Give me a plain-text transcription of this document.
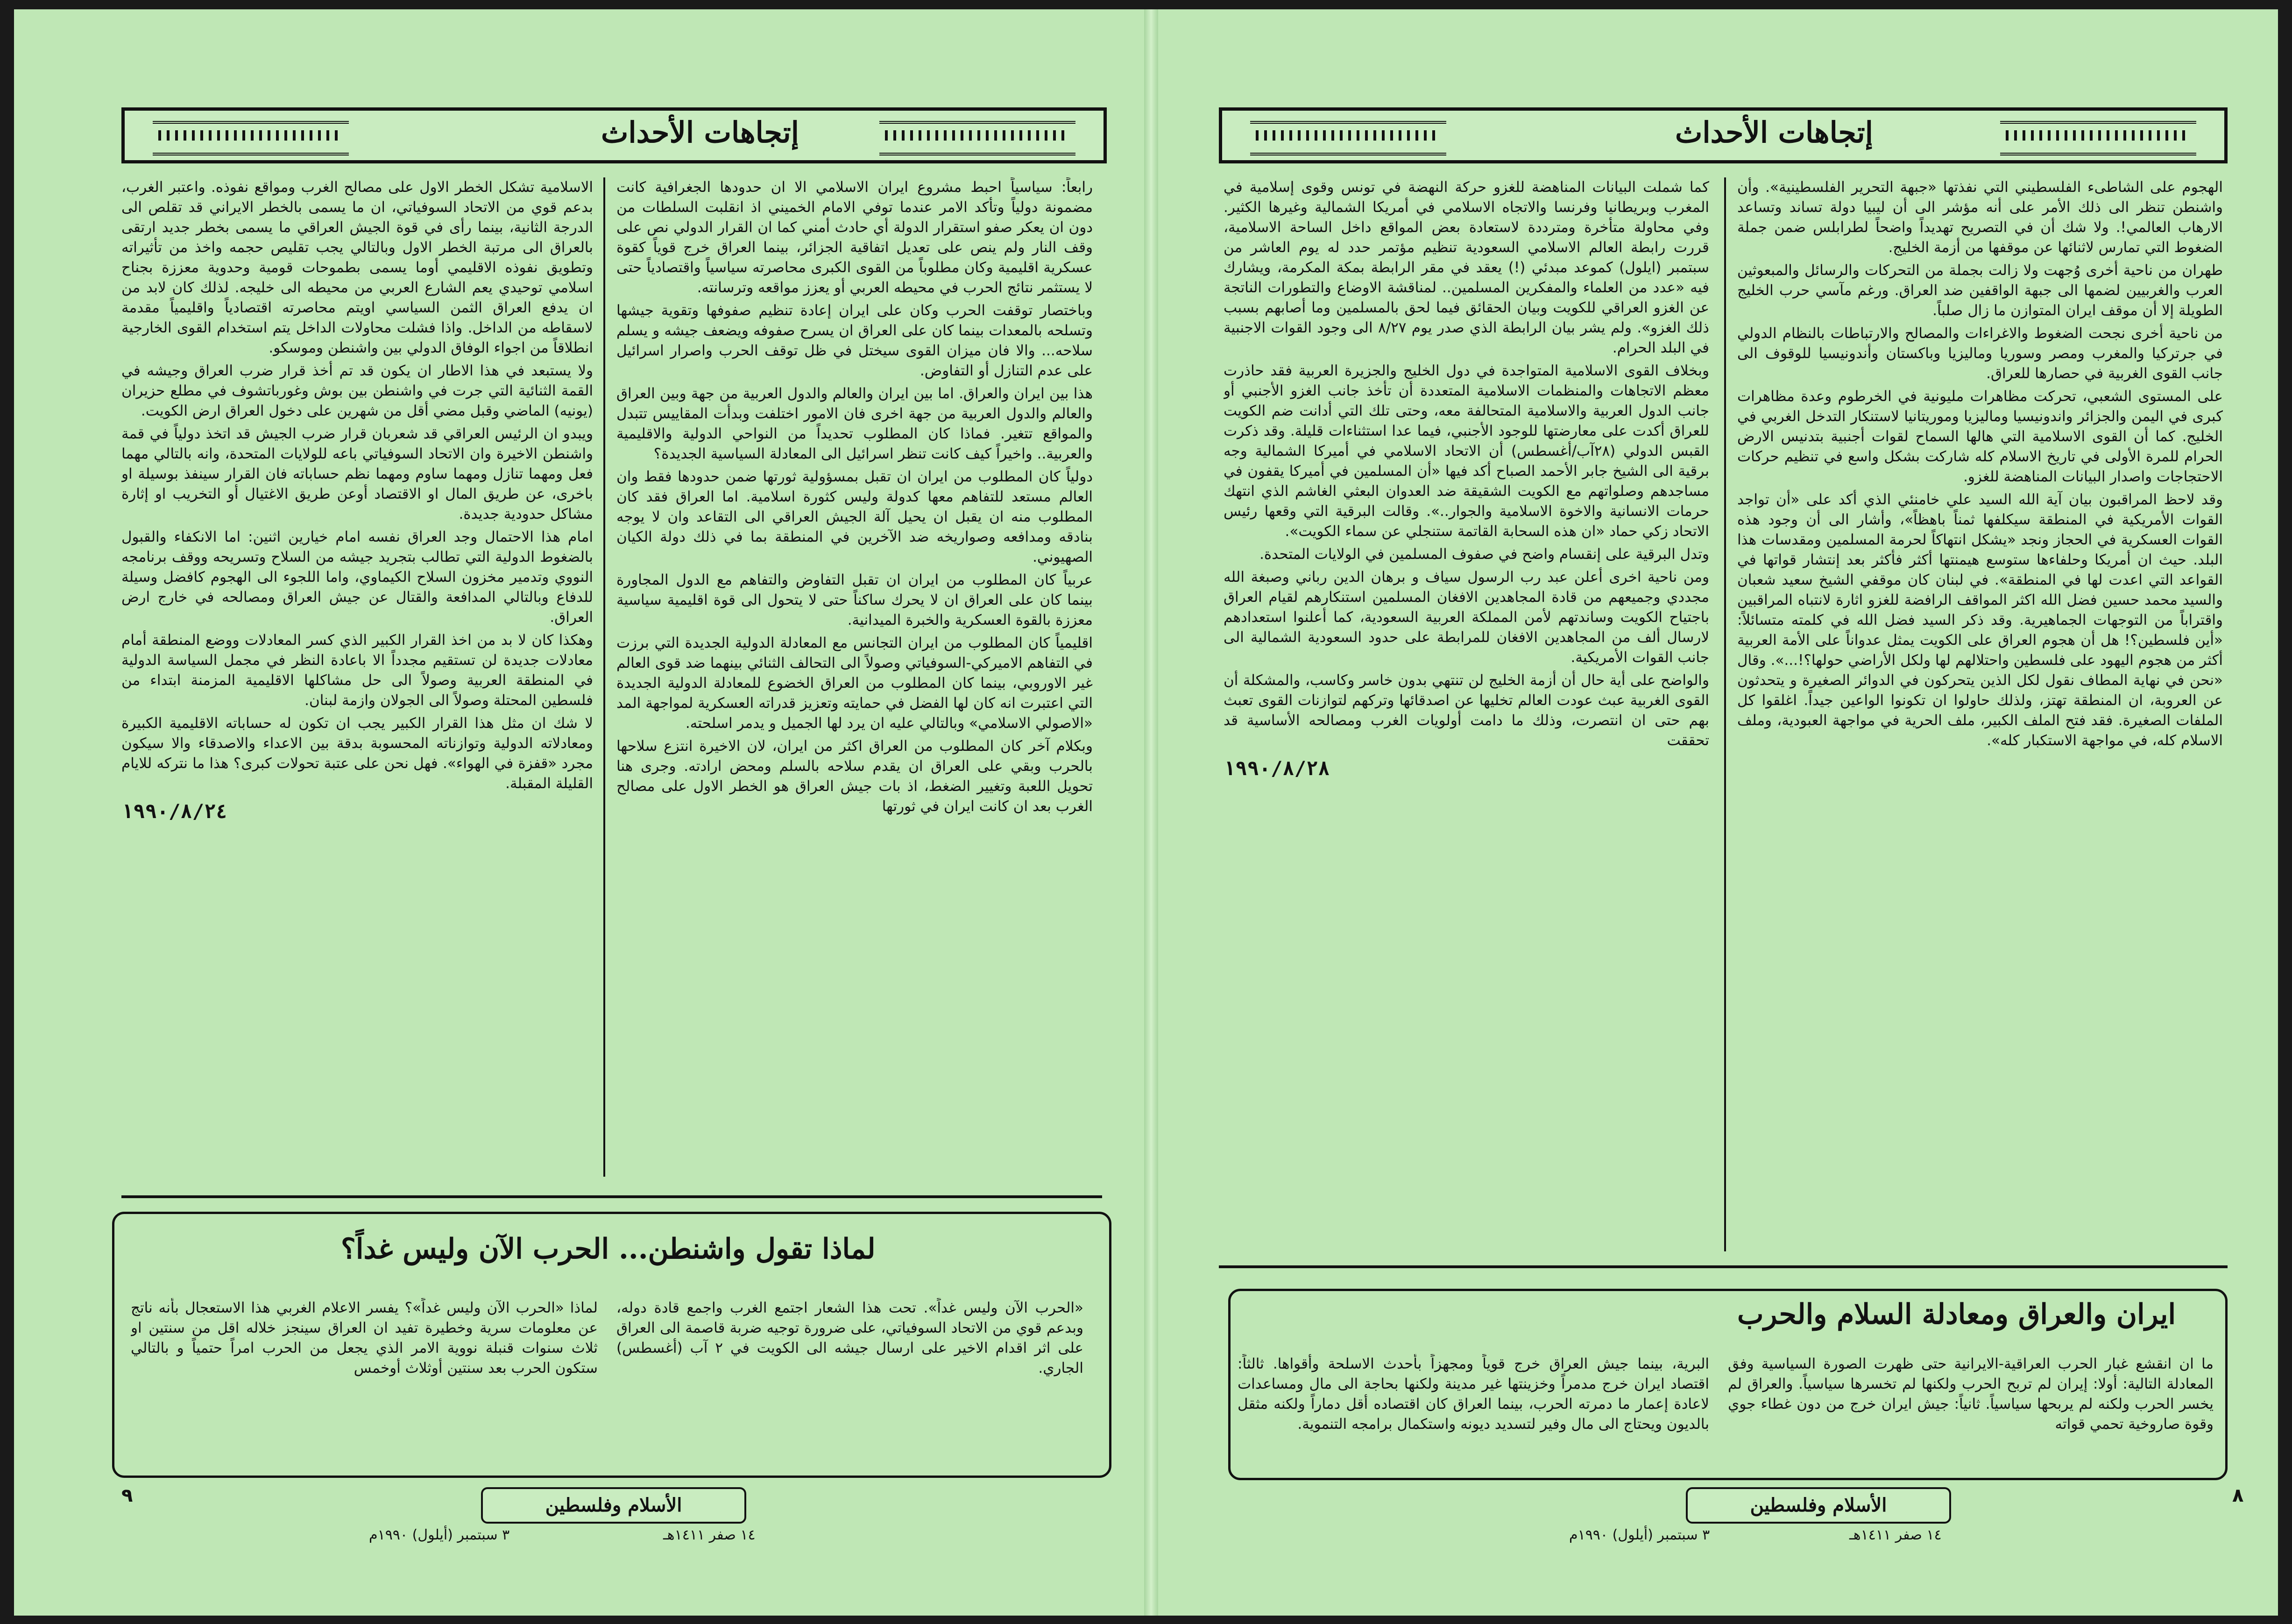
إتجاهات الأحداث

رابعاً: سياسياً احبط مشروع ايران الاسلامي الا ان حدودها الجغرافية كانت مضمونة دولياً وتأكد الامر عندما توفي الامام الخميني اذ انقلبت السلطات من دون ان يعكر صفو استقرار الدولة أي حادث أمني كما ان القرار الدولي نص على وقف النار ولم ينص على تعديل اتفاقية الجزائر، بينما العراق خرج قوياً كقوة عسكرية اقليمية وكان مطلوباً من القوى الكبرى محاصرته سياسياً واقتصادياً حتى لا يستثمر نتائج الحرب في محيطه العربي أو يعزز مواقعه وترسانته.

وباختصار توقفت الحرب وكان على ايران إعادة تنظيم صفوفها وتقوية جيشها وتسلحه بالمعدات بينما كان على العراق ان يسرح صفوفه ويضعف جيشه و يسلم سلاحه... والا فان ميزان القوى سيختل في ظل توقف الحرب واصرار اسرائيل على عدم التنازل أو التفاوض.

هذا بين ايران والعراق. اما بين ايران والعالم والدول العربية من جهة وبين العراق والعالم والدول العربية من جهة اخرى فان الامور اختلفت وبدأت المقاييس تتبدل والمواقع تتغير. فماذا كان المطلوب تحديداً من النواحي الدولية والاقليمية والعربية.. واخيراً كيف كانت تنظر اسرائيل الى المعادلة السياسية الجديدة؟

دولياً كان المطلوب من ايران ان تقبل بمسؤولية ثورتها ضمن حدودها فقط وان العالم مستعد للتفاهم معها كدولة وليس كثورة اسلامية. اما العراق فقد كان المطلوب منه ان يقبل ان يحيل آلة الجيش العراقي الى التقاعد وان لا يوجه بنادقه ومدافعه وصواريخه ضد الآخرين في المنطقة بما في ذلك دولة الكيان الصهيوني.

عربياً كان المطلوب من ايران ان تقبل التفاوض والتفاهم مع الدول المجاورة بينما كان على العراق ان لا يحرك ساكناً حتى لا يتحول الى قوة اقليمية سياسية معززة بالقوة العسكرية والخبرة الميدانية.

اقليمياً كان المطلوب من ايران التجانس مع المعادلة الدولية الجديدة التي برزت في التفاهم الاميركي-السوفياتي وصولاً الى التحالف الثنائي بينهما ضد قوى العالم غير الاوروبي، بينما كان المطلوب من العراق الخضوع للمعادلة الدولية الجديدة التي اعتبرت انه كان لها الفضل في حمايته وتعزيز قدراته العسكرية لمواجهة المد «الاصولي الاسلامي» وبالتالي عليه ان يرد لها الجميل و يدمر اسلحته.

وبكلام آخر كان المطلوب من العراق اكثر من ايران، لان الاخيرة انتزع سلاحها بالحرب وبقي على العراق ان يقدم سلاحه بالسلم ومحض ارادته. وجرى هنا تحويل اللعبة وتغيير الضغط، اذ بات جيش العراق هو الخطر الاول على مصالح الغرب بعد ان كانت ايران في ثورتها

الاسلامية تشكل الخطر الاول على مصالح الغرب ومواقع نفوذه. واعتبر الغرب، بدعم قوي من الاتحاد السوفياتي، ان ما يسمى بالخطر الايراني قد تقلص الى الدرجة الثانية، بينما رأى في قوة الجيش العراقي ما يسمى بخطر جديد ارتقى بالعراق الى مرتبة الخطر الاول وبالتالي يجب تقليص حجمه واخذ من تأثيراته وتطويق نفوذه الاقليمي أوما يسمى بطموحات قومية وحدوية معززة بجناح اسلامي توحيدي يعم الشارع العربي من محيطه الى خليجه. لذلك كان لابد من ان يدفع العراق الثمن السياسي اويتم محاصرته اقتصادياً واقليمياً مقدمة لاسقاطه من الداخل. واذا فشلت محاولات الداخل يتم استخدام القوى الخارجية انطلاقاً من اجواء الوفاق الدولي بين واشنطن وموسكو.

ولا يستبعد في هذا الاطار ان يكون قد تم أخذ قرار ضرب العراق وجيشه في القمة الثنائية التي جرت في واشنطن بين بوش وغورباتشوف في مطلع حزيران (يونيه) الماضي وقبل مضي أقل من شهرين على دخول العراق ارض الكويت.

ويبدو ان الرئيس العراقي قد شعربان قرار ضرب الجيش قد اتخذ دولياً في قمة واشنطن الاخيرة وان الاتحاد السوفياتي باعه للولايات المتحدة، وانه بالتالي مهما فعل ومهما تنازل ومهما ساوم ومهما نظم حساباته فان القرار سينفذ بوسيلة او باخرى، عن طريق المال او الاقتصاد أوعن طريق الاغتيال أو التخريب او إثارة مشاكل حدودية جديدة.

امام هذا الاحتمال وجد العراق نفسه امام خيارين اثنين: اما الانكفاء والقبول بالضغوط الدولية التي تطالب بتجريد جيشه من السلاح وتسريحه ووقف برنامجه النووي وتدمير مخزون السلاح الكيماوي، واما اللجوء الى الهجوم كافضل وسيلة للدفاع وبالتالي المدافعة والقتال عن جيش العراق ومصالحه في خارج ارض العراق.

وهكذا كان لا بد من اخذ القرار الكبير الذي كسر المعادلات ووضع المنطقة أمام معادلات جديدة لن تستقيم مجدداً الا باعادة النظر في مجمل السياسة الدولية في المنطقة العربية وصولاً الى حل مشاكلها الاقليمية المزمنة ابتداء من فلسطين المحتلة وصولاً الى الجولان وازمة لبنان.

لا شك ان مثل هذا القرار الكبير يجب ان تكون له حساباته الاقليمية الكبيرة ومعادلاته الدولية وتوازناته المحسوبة بدقة بين الاعداء والاصدقاء والا سيكون مجرد «قفزة في الهواء». فهل نحن على عتبة تحولات كبرى؟ هذا ما نتركه للايام القليلة المقبلة.

١٩٩٠/٨/٢٤
لماذا تقول واشنطن... الحرب الآن وليس غداً؟

«الحرب الآن وليس غداً». تحت هذا الشعار اجتمع الغرب واجمع قادة دوله، وبدعم قوي من الاتحاد السوفياتي، على ضرورة توجيه ضربة قاصمة الى العراق على اثر اقدام الاخير على ارسال جيشه الى الكويت في ٢ آب (أغسطس) الجاري.

لماذا «الحرب الآن وليس غداً»؟ يفسر الاعلام الغربي هذا الاستعجال بأنه ناتج عن معلومات سرية وخطيرة تفيد ان العراق سينجز خلاله اقل من سنتين او ثلاث سنوات قنبلة نووية الامر الذي يجعل من الحرب امراً حتمياً و بالتالي ستكون الحرب بعد سنتين أوثلاث أوخمس

٩	الأسلام وفلسطين
١٤ صفر ١٤١١هـ
٣ سبتمبر (أيلول) ١٩٩٠م
إتجاهات الأحداث

الهجوم على الشاطىء الفلسطيني التي نفذتها «جبهة التحرير الفلسطينية». وأن واشنطن تنظر الى ذلك الأمر على أنه مؤشر الى أن ليبيا دولة تساند وتساعد الارهاب العالمي!. ولا شك أن في التصريح تهديداً واضحاً لطرابلس ضمن جملة الضغوط التي تمارس لاثنائها عن موقفها من أزمة الخليج.

طهران من ناحية أخرى وُجهت ولا زالت بجملة من التحركات والرسائل والمبعوثين العرب والغربيين لضمها الى جبهة الواقفين ضد العراق. ورغم مآسي حرب الخليج الطويلة إلا أن موقف ايران المتوازن ما زال صلباً.

من ناحية أخرى نجحت الضغوط والاغراءات والمصالح والارتباطات بالنظام الدولي في جرتركيا والمغرب ومصر وسوريا وماليزيا وباكستان وأندونيسيا للوقوف الى جانب القوى الغربية في حصارها للعراق.

على المستوى الشعبي، تحركت مظاهرات مليونية في الخرطوم وعدة مظاهرات كبرى في اليمن والجزائر واندونيسيا وماليزيا وموريتانيا لاستنكار التدخل الغربي في الخليج. كما أن القوى الاسلامية التي هالها السماح لقوات أجنبية بتدنيس الارض الحرام للمرة الأولى في تاريخ الاسلام كله شاركت بشكل واسع في تنظيم حركات الاحتجاجات واصدار البيانات المناهضة للغزو.

وقد لاحظ المراقبون بيان آية الله السيد علي خامنئي الذي أكد على «أن تواجد القوات الأمريكية في المنطقة سيكلفها ثمناً باهظاً»، وأشار الى أن وجود هذه القوات العسكرية في الحجاز ونجد «يشكل انتهاكاً لحرمة المسلمين ومقدسات هذا البلد. حيث ان أمريكا وحلفاءها ستوسع هيمنتها أكثر فأكثر بعد إنتشار قواتها في القواعد التي اعدت لها في المنطقة». في لبنان كان موقفي الشيخ سعيد شعبان والسيد محمد حسين فضل الله اكثر المواقف الرافضة للغزو اثارة لانتباه المراقبين واقتراباً من التوجهات الجماهيرية. وقد ذكر السيد فضل الله في كلمته متسائلاً: «أين فلسطين؟! هل أن هجوم العراق على الكويت يمثل عدواناً على الأمة العربية أكثر من هجوم اليهود على فلسطين واحتلالهم لها ولكل الأراضي حولها؟!...». وقال «نحن في نهاية المطاف نقول لكل الذين يتحركون في الدوائر الصغيرة و يتحدثون عن العروبة، ان المنطقة تهتز، ولذلك حاولوا ان تكونوا الواعين جيداً. اغلقوا كل الملفات الصغيرة. فقد فتح الملف الكبير، ملف الحرية في مواجهة العبودية، وملف الاسلام كله، في مواجهة الاستكبار كله».

كما شملت البيانات المناهضة للغزو حركة النهضة في تونس وقوى إسلامية في المغرب وبريطانيا وفرنسا والاتجاه الاسلامي في أمريكا الشمالية وغيرها الكثير. وفي محاولة متأخرة ومترددة لاستعادة بعض المواقع داخل الساحة الاسلامية، قررت رابطة العالم الاسلامي السعودية تنظيم مؤتمر حدد له يوم العاشر من سبتمبر (ايلول) كموعد مبدئي (!) يعقد في مقر الرابطة بمكة المكرمة، ويشارك فيه «عدد من العلماء والمفكرين المسلمين.. لمناقشة الاوضاع والتطورات الناتجة عن الغزو العراقي للكويت وبيان الحقائق فيما لحق بالمسلمين وما أصابهم بسبب ذلك الغزو». ولم يشر بيان الرابطة الذي صدر يوم ٨/٢٧ الى وجود القوات الاجنبية في البلد الحرام.

وبخلاف القوى الاسلامية المتواجدة في دول الخليج والجزيرة العربية فقد حاذرت معظم الاتجاهات والمنظمات الاسلامية المتعددة أن تأخذ جانب الغزو الأجنبي أو جانب الدول العربية والاسلامية المتحالفة معه، وحتى تلك التي أدانت ضم الكويت للعراق أكدت على معارضتها للوجود الأجنبي، فيما عدا استثناءات قليلة. وقد ذكرت القبس الدولي (٢٨آب/أغسطس) أن الاتحاد الاسلامي في أميركا الشمالية وجه برقية الى الشيخ جابر الأحمد الصباح أكد فيها «أن المسلمين في أميركا يقفون في مساجدهم وصلواتهم مع الكويت الشقيقة ضد العدوان البعثي الغاشم الذي انتهك حرمات الانسانية والاخوة الاسلامية والجوار..». وقالت البرقية التي وقعها رئيس الاتحاد زكي حماد «ان هذه السحابة القاتمة ستنجلي عن سماء الكويت».

وتدل البرقية على إنقسام واضح في صفوف المسلمين في الولايات المتحدة.

ومن ناحية اخرى أعلن عبد رب الرسول سياف و برهان الدين رباني وصبغة الله مجددي وجميعهم من قادة المجاهدين الافغان المسلمين استنكارهم لقيام العراق باجتياح الكويت وساندتهم لأمن المملكة العربية السعودية، كما أعلنوا استعدادهم لارسال ألف من المجاهدين الافغان للمرابطة على حدود السعودية الشمالية الى جانب القوات الأمريكية.

والواضح على أية حال أن أزمة الخليج لن تنتهي بدون خاسر وكاسب، والمشكلة أن القوى الغربية عبث عودت العالم تخليها عن اصدقائها وتركهم لتوازنات القوى تعبث بهم حتى ان انتصرت، وذلك ما دامت أولويات الغرب ومصالحه الأساسية قد تحققت

١٩٩٠/٨/٢٨
ايران والعراق ومعادلة السلام والحرب

ما ان انقشع غبار الحرب العراقية-الايرانية حتى ظهرت الصورة السياسية وفق المعادلة التالية: أولا: إيران لم تربح الحرب ولكنها لم تخسرها سياسياً. والعراق لم يخسر الحرب ولكنه لم يربحها سياسياً. ثانياً: جيش ايران خرج من دون غطاء جوي وقوة صاروخية تحمي قواته

البرية، بينما جيش العراق خرج قوياً ومجهزاً بأحدث الاسلحة وأقواها. ثالثاً: اقتصاد ايران خرج مدمراً وخزينتها غير مدينة ولكنها بحاجة الى مال ومساعدات لاعادة إعمار ما دمرته الحرب، بينما العراق كان اقتصاده أقل دماراً ولكنه مثقل بالديون ويحتاج الى مال وفير لتسديد ديونه واستكمال برامجه التنموية.

٨
الأسلام وفلسطين
١٤ صفر ١٤١١هـ
٣ سبتمبر (أيلول) ١٩٩٠م
